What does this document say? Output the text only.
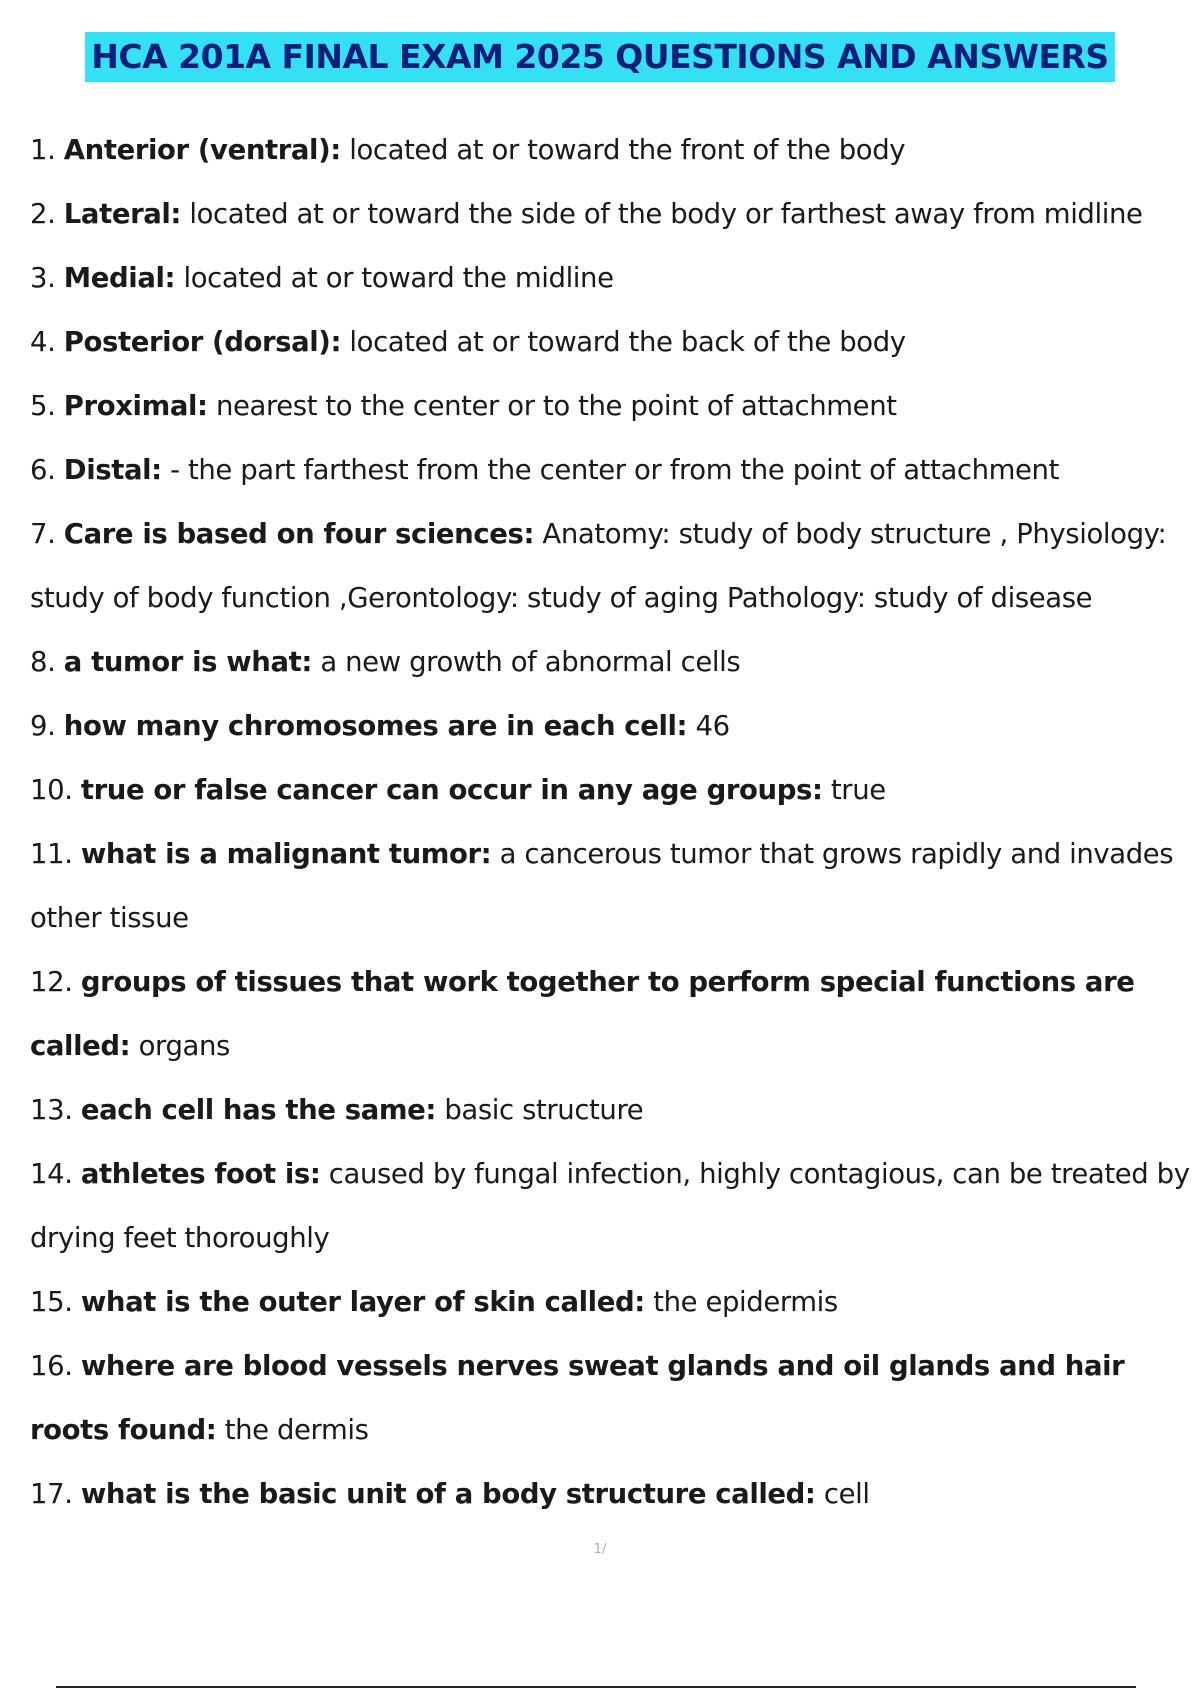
HCA 201A FINAL EXAM 2025 QUESTIONS AND ANSWERS
1. Anterior (ventral): located at or toward the front of the body
2. Lateral: located at or toward the side of the body or farthest away from midline
3. Medial: located at or toward the midline
4. Posterior (dorsal): located at or toward the back of the body
5. Proximal: nearest to the center or to the point of attachment
6. Distal: - the part farthest from the center or from the point of attachment
7. Care is based on four sciences: Anatomy: study of body structure , Physiology: study of body function ,Gerontology: study of aging Pathology: study of disease
8. a tumor is what: a new growth of abnormal cells
9. how many chromosomes are in each cell: 46
10. true or false cancer can occur in any age groups: true
11. what is a malignant tumor: a cancerous tumor that grows rapidly and invades other tissue
12. groups of tissues that work together to perform special functions are called: organs
13. each cell has the same: basic structure
14. athletes foot is: caused by fungal infection, highly contagious, can be treated by drying feet thoroughly
15. what is the outer layer of skin called: the epidermis
16. where are blood vessels nerves sweat glands and oil glands and hair roots found: the dermis
17. what is the basic unit of a body structure called: cell
1/
